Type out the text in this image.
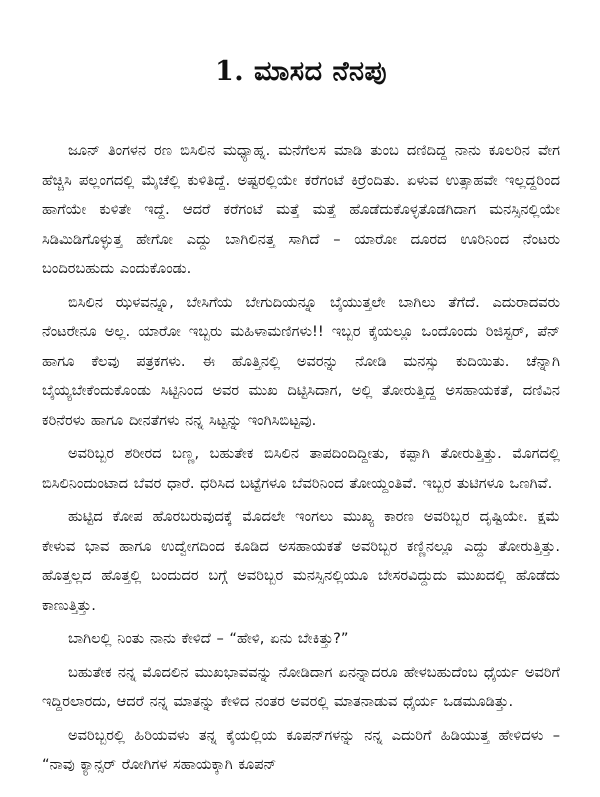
1. ಮಾಸದ ನೆನಪು

ಜೂನ್ ತಿಂಗಳನ ರಣ ಬಿಸಿಲಿನ ಮಧ್ಯಾಹ್ನ. ಮನೆಗೆಲಸ ಮಾಡಿ ತುಂಬ ದಣಿದಿದ್ದ ನಾನು ಕೂಲರಿನ ವೇಗ ಹೆಚ್ಚಿಸಿ ಪಲ್ಲಂಗದಲ್ಲಿ ಮೈಚೆಲ್ಲಿ ಕುಳಿತಿದ್ದೆ. ಅಷ್ಟರಲ್ಲಿಯೇ ಕರೆಗಂಟೆ ಕಿರ್ರೆಂದಿತು. ಏಳುವ ಉತ್ಸಾಹವೇ ಇಲ್ಲದ್ದರಿಂದ ಹಾಗೆಯೇ ಕುಳಿತೇ ಇದ್ದೆ. ಆದರೆ ಕರೆಗಂಟೆ ಮತ್ತೆ ಮತ್ತೆ ಹೊಡೆದುಕೊಳ್ಳತೊಡಗಿದಾಗ ಮನಸ್ಸಿನಲ್ಲಿಯೇ ಸಿಡಿಮಿಡಿಗೊಳ್ಳುತ್ತ ಹೇಗೋ ಎದ್ದು ಬಾಗಿಲಿನತ್ತ ಸಾಗಿದೆ – ಯಾರೋ ದೂರದ ಊರಿನಿಂದ ನೆಂಟರು ಬಂದಿರಬಹುದು ಎಂದುಕೊಂಡು.

ಬಿಸಿಲಿನ ಝಳವನ್ನೂ, ಬೇಸಿಗೆಯ ಬೇಗುದಿಯನ್ನೂ ಬೈಯುತ್ತಲೇ ಬಾಗಿಲು ತೆಗೆದೆ. ಎದುರಾದವರು ನೆಂಟರೇನೂ ಅಲ್ಲ. ಯಾರೋ ಇಬ್ಬರು ಮಹಿಳಾಮಣಿಗಳು!! ಇಬ್ಬರ ಕೈಯಲ್ಲೂ ಒಂದೊಂದು ರಿಜಿಸ್ಟರ್, ಪೆನ್ ಹಾಗೂ ಕೆಲವು ಪತ್ರಕಗಳು. ಈ ಹೊತ್ತಿನಲ್ಲಿ ಅವರನ್ನು ನೋಡಿ ಮನಸ್ಸು ಕುದಿಯಿತು. ಚೆನ್ನಾಗಿ ಬೈಯ್ಯಬೇಕೆಂದುಕೊಂಡು ಸಿಟ್ಟಿನಿಂದ ಅವರ ಮುಖ ದಿಟ್ಟಿಸಿದಾಗ, ಅಲ್ಲಿ ತೋರುತ್ತಿದ್ದ ಅಸಹಾಯಕತೆ, ದಣಿವಿನ ಕರಿನೆರಳು ಹಾಗೂ ದೀನತೆಗಳು ನನ್ನ ಸಿಟ್ಟನ್ನು ಇಂಗಿಸಿಬಿಟ್ಟವು.

ಅವರಿಬ್ಬರ ಶರೀರದ ಬಣ್ಣ, ಬಹುತೇಕ ಬಿಸಿಲಿನ ತಾಪದಿಂದಿದ್ದೀತು, ಕಪ್ಪಾಗಿ ತೋರುತ್ತಿತ್ತು. ಮೊಗದಲ್ಲಿ ಬಿಸಿಲಿನಿಂದುಂಟಾದ ಬೆವರ ಧಾರೆ. ಧರಿಸಿದ ಬಟ್ಟೆಗಳೂ ಬೆವರಿನಿಂದ ತೋಯ್ದಂತಿವೆ. ಇಬ್ಬರ ತುಟಿಗಳೂ ಒಣಗಿವೆ.

ಹುಟ್ಟಿದ ಕೋಪ ಹೊರಬರುವುದಕ್ಕೆ ಮೊದಲೇ ಇಂಗಲು ಮುಖ್ಯ ಕಾರಣ ಅವರಿಬ್ಬರ ದೃಷ್ಟಿಯೇ. ಕ್ಷಮೆ ಕೇಳುವ ಭಾವ ಹಾಗೂ ಉದ್ವೇಗದಿಂದ ಕೂಡಿದ ಅಸಹಾಯಕತೆ ಅವರಿಬ್ಬರ ಕಣ್ಣಿನಲ್ಲೂ ಎದ್ದು ತೋರುತ್ತಿತ್ತು. ಹೊತ್ತಲ್ಲದ ಹೊತ್ತಲ್ಲಿ ಬಂದುದರ ಬಗ್ಗೆ ಅವರಿಬ್ಬರ ಮನಸ್ಸಿನಲ್ಲಿಯೂ ಬೇಸರವಿದ್ದುದು ಮುಖದಲ್ಲಿ ಹೊಡೆದು ಕಾಣುತ್ತಿತ್ತು.

ಬಾಗಿಲಲ್ಲಿ ನಿಂತು ನಾನು ಕೇಳಿದೆ – “ಹೇಳಿ, ಏನು ಬೇಕಿತ್ತು?”

ಬಹುತೇಕ ನನ್ನ ಮೊದಲಿನ ಮುಖಭಾವವನ್ನು ನೋಡಿದಾಗ ಏನನ್ನಾದರೂ ಹೇಳಬಹುದೆಂಬ ಧೈರ್ಯ ಅವರಿಗೆ ಇದ್ದಿರಲಾರದು, ಆದರೆ ನನ್ನ ಮಾತನ್ನು ಕೇಳಿದ ನಂತರ ಅವರಲ್ಲಿ ಮಾತನಾಡುವ ಧೈರ್ಯ ಒಡಮೂಡಿತ್ತು.

ಅವರಿಬ್ಬರಲ್ಲಿ ಹಿರಿಯವಳು ತನ್ನ ಕೈಯಲ್ಲಿಯ ಕೂಪನ್‌ಗಳನ್ನು ನನ್ನ ಎದುರಿಗೆ ಹಿಡಿಯುತ್ತ ಹೇಳಿದಳು – “ನಾವು ಕ್ಯಾನ್ಸರ್ ರೋಗಿಗಳ ಸಹಾಯಕ್ಕಾಗಿ ಕೂಪನ್
